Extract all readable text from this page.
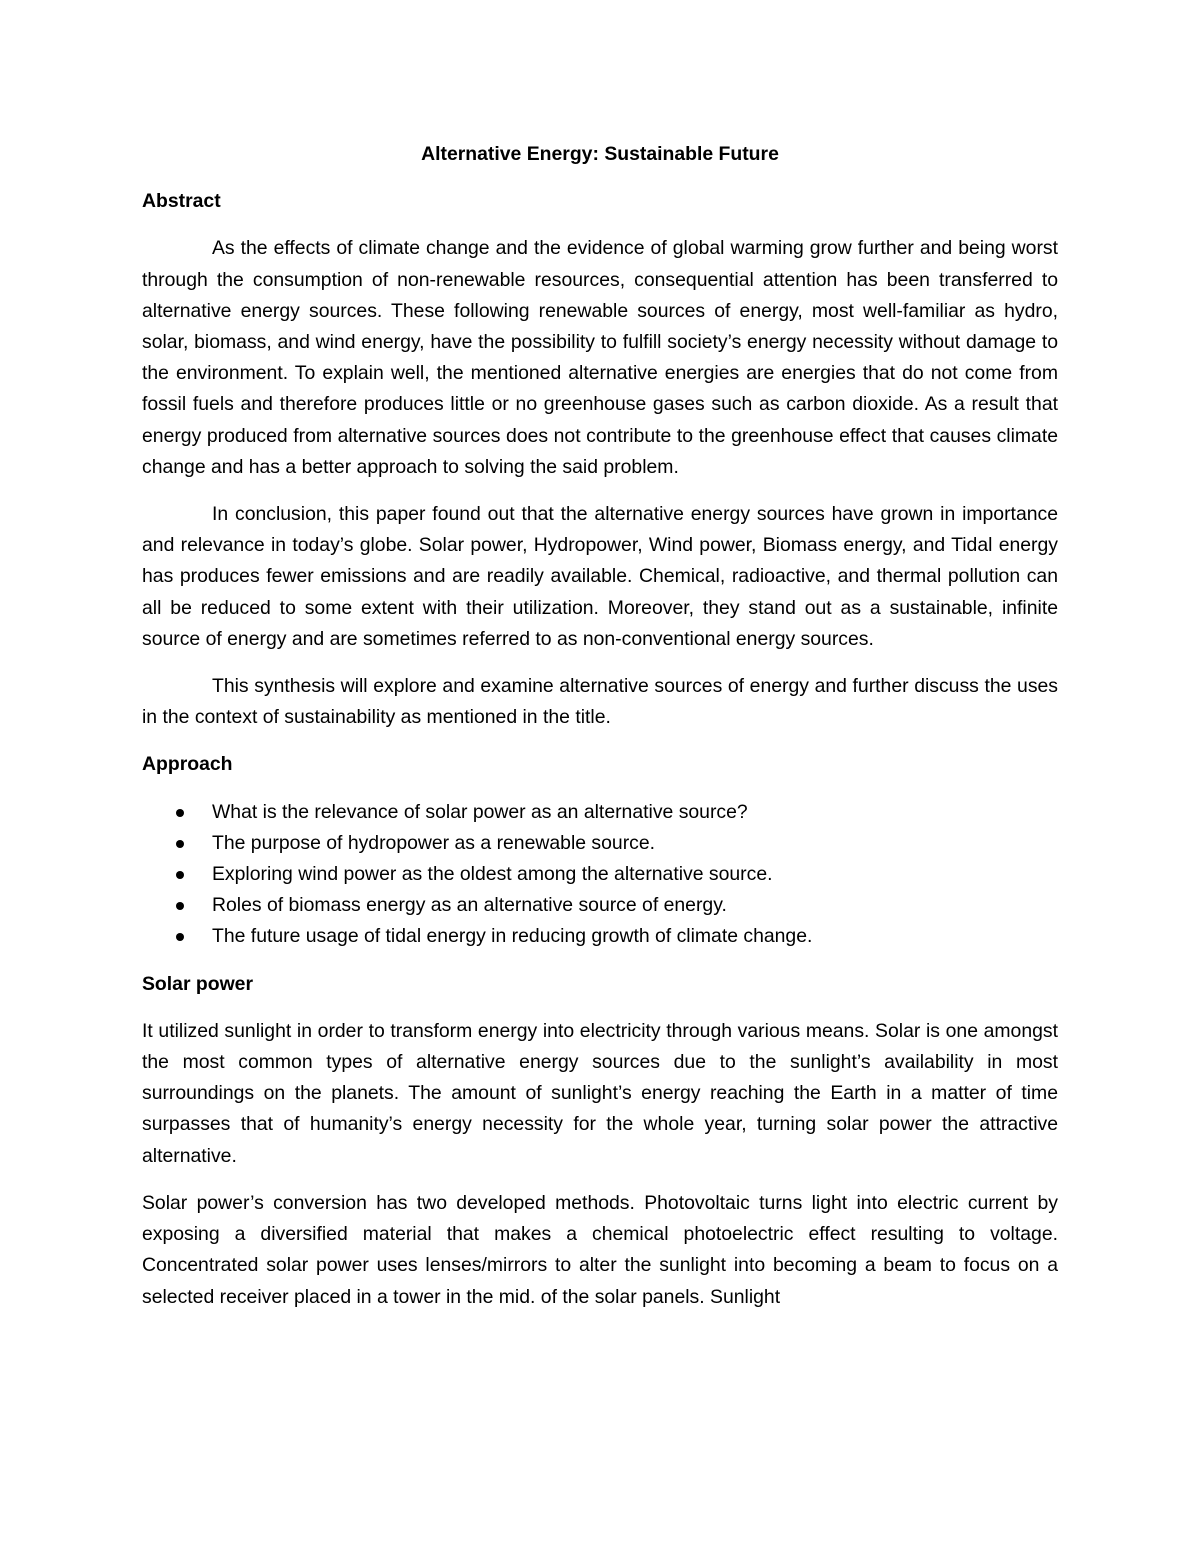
Alternative Energy: Sustainable Future
Abstract

As the effects of climate change and the evidence of global warming grow further and being worst through the consumption of non-renewable resources, consequential attention has been transferred to alternative energy sources. These following renewable sources of energy, most well-familiar as hydro, solar, biomass, and wind energy, have the possibility to fulfill society’s energy necessity without damage to the environment. To explain well, the mentioned alternative energies are energies that do not come from fossil fuels and therefore produces little or no greenhouse gases such as carbon dioxide. As a result that energy produced from alternative sources does not contribute to the greenhouse effect that causes climate change and has a better approach to solving the said problem.

In conclusion, this paper found out that the alternative energy sources have grown in importance and relevance in today’s globe. Solar power, Hydropower, Wind power, Biomass energy, and Tidal energy has produces fewer emissions and are readily available. Chemical, radioactive, and thermal pollution can all be reduced to some extent with their utilization. Moreover, they stand out as a sustainable, infinite source of energy and are sometimes referred to as non-conventional energy sources.

This synthesis will explore and examine alternative sources of energy and further discuss the uses in the context of sustainability as mentioned in the title.

Approach
What is the relevance of solar power as an alternative source?
The purpose of hydropower as a renewable source.
Exploring wind power as the oldest among the alternative source.
Roles of biomass energy as an alternative source of energy.
The future usage of tidal energy in reducing growth of climate change.
Solar power

It utilized sunlight in order to transform energy into electricity through various means. Solar is one amongst the most common types of alternative energy sources due to the sunlight’s availability in most surroundings on the planets. The amount of sunlight’s energy reaching the Earth in a matter of time surpasses that of humanity’s energy necessity for the whole year, turning solar power the attractive alternative.

Solar power’s conversion has two developed methods. Photovoltaic turns light into electric current by exposing a diversified material that makes a chemical photoelectric effect resulting to voltage. Concentrated solar power uses lenses/mirrors to alter the sunlight into becoming a beam to focus on a selected receiver placed in a tower in the mid. of the solar panels. Sunlight
